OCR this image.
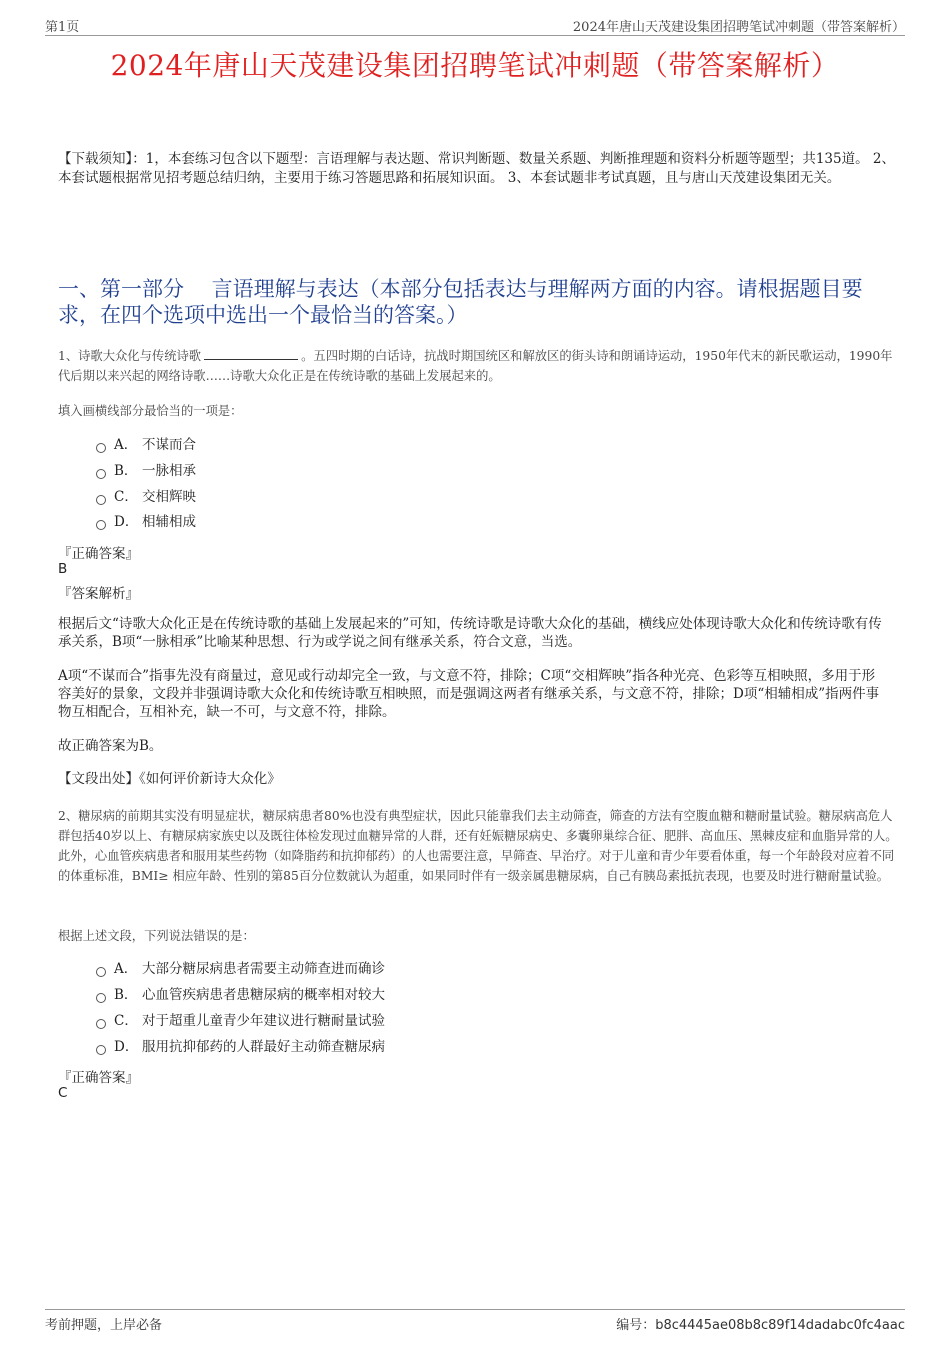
第1页	2024年唐山天茂建设集团招聘笔试冲刺题（带答案解析）
2024年唐山天茂建设集团招聘笔试冲刺题（带答案解析）
【下载须知】：1，本套练习包含以下题型：言语理解与表达题、常识判断题、数量关系题、判断推理题和资料分析题等题型；共135道。 2、本套试题根据常见招考题总结归纳，主要用于练习答题思路和拓展知识面。 3、本套试题非考试真题，且与唐山天茂建设集团无关。
一、第一部分　 言语理解与表达（本部分包括表达与理解两方面的内容。请根据题目要求，在四个选项中选出一个最恰当的答案。）
1、诗歌大众化与传统诗歌	。五四时期的白话诗，抗战时期国统区和解放区的街头诗和朗诵诗运动，1950年代末的新民歌运动，1990年代后期以来兴起的网络诗歌……诗歌大众化正是在传统诗歌的基础上发展起来的。
填入画横线部分最恰当的一项是：
A． 不谋而合
B． 一脉相承
C． 交相辉映
D． 相辅相成
『正确答案』
B
『答案解析』
根据后文“诗歌大众化正是在传统诗歌的基础上发展起来的”可知，传统诗歌是诗歌大众化的基础，横线应处体现诗歌大众化和传统诗歌有传承关系，B项“一脉相承”比喻某种思想、行为或学说之间有继承关系，符合文意，当选。
A项“不谋而合”指事先没有商量过，意见或行动却完全一致，与文意不符，排除；C项“交相辉映”指各种光亮、色彩等互相映照，多用于形容美好的景象，文段并非强调诗歌大众化和传统诗歌互相映照，而是强调这两者有继承关系，与文意不符，排除；D项“相辅相成”指两件事物互相配合，互相补充，缺一不可，与文意不符，排除。
故正确答案为B。
【文段出处】《如何评价新诗大众化》
2、糖尿病的前期其实没有明显症状，糖尿病患者80%也没有典型症状，因此只能靠我们去主动筛查，筛查的方法有空腹血糖和糖耐量试验。糖尿病高危人群包括40岁以上、有糖尿病家族史以及既往体检发现过血糖异常的人群，还有妊娠糖尿病史、多囊卵巢综合征、肥胖、高血压、黑棘皮症和血脂异常的人。此外，心血管疾病患者和服用某些药物（如降脂药和抗抑郁药）的人也需要注意，早筛查、早治疗。对于儿童和青少年要看体重，每一个年龄段对应着不同的体重标准，BMI≥ 相应年龄、性别的第85百分位数就认为超重，如果同时伴有一级亲属患糖尿病，自己有胰岛素抵抗表现，也要及时进行糖耐量试验。
根据上述文段，下列说法错误的是：
A． 大部分糖尿病患者需要主动筛查进而确诊
B． 心血管疾病患者患糖尿病的概率相对较大
C． 对于超重儿童青少年建议进行糖耐量试验
D． 服用抗抑郁药的人群最好主动筛查糖尿病
『正确答案』
C
考前押题，上岸必备	编号：b8c4445ae08b8c89f14dadabc0fc4aac
